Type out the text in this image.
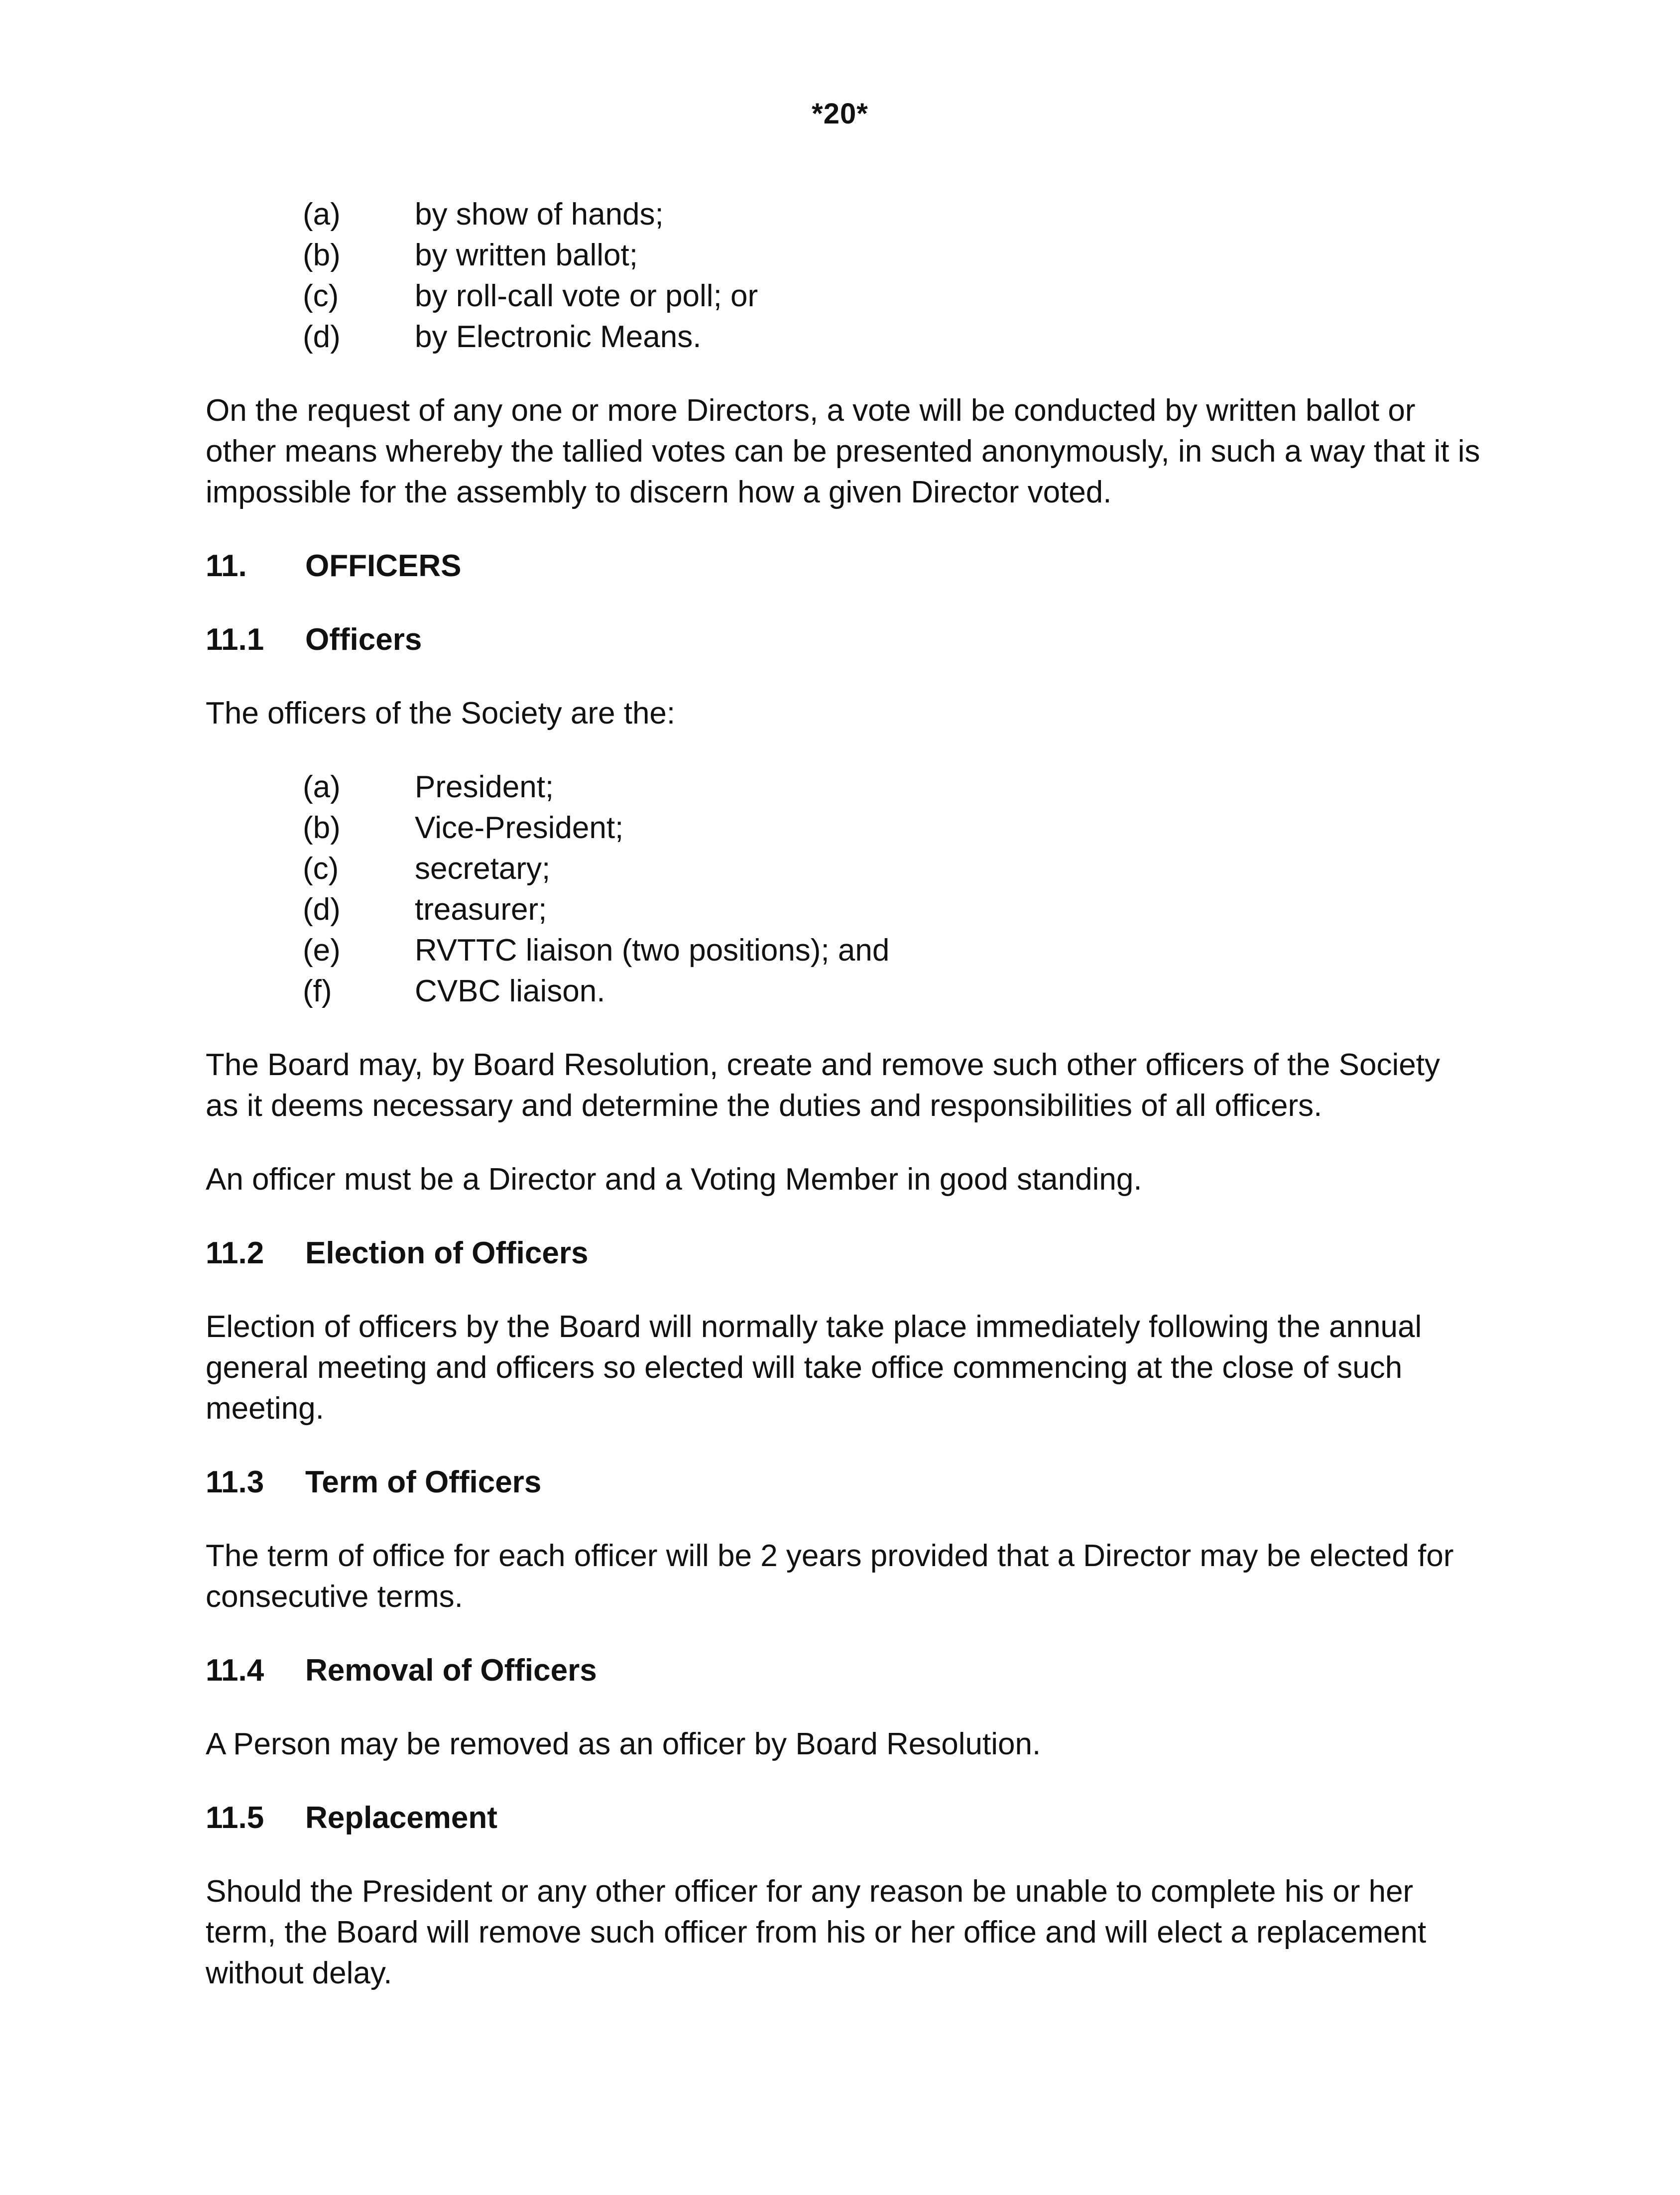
*20*
(a)	by show of hands;
(b)	by written ballot;
(c)	by roll-call vote or poll; or
(d)	by Electronic Means.

On the request of any one or more Directors, a vote will be conducted by written ballot or other means whereby the tallied votes can be presented anonymously, in such a way that it is impossible for the assembly to discern how a given Director voted.

11.	OFFICERS
11.1	Officers

The officers of the Society are the:

(a)	President;
(b)	Vice-President;
(c)	secretary;
(d)	treasurer;
(e)	RVTTC liaison (two positions); and
(f)	CVBC liaison.

The Board may, by Board Resolution, create and remove such other officers of the Society as it deems necessary and determine the duties and responsibilities of all officers.

An officer must be a Director and a Voting Member in good standing.

11.2	Election of Officers

Election of officers by the Board will normally take place immediately following the annual general meeting and officers so elected will take office commencing at the close of such meeting.

11.3	Term of Officers

The term of office for each officer will be 2 years provided that a Director may be elected for consecutive terms.

11.4	Removal of Officers

A Person may be removed as an officer by Board Resolution.

11.5	Replacement

Should the President or any other officer for any reason be unable to complete his or her term, the Board will remove such officer from his or her office and will elect a replacement without delay.
